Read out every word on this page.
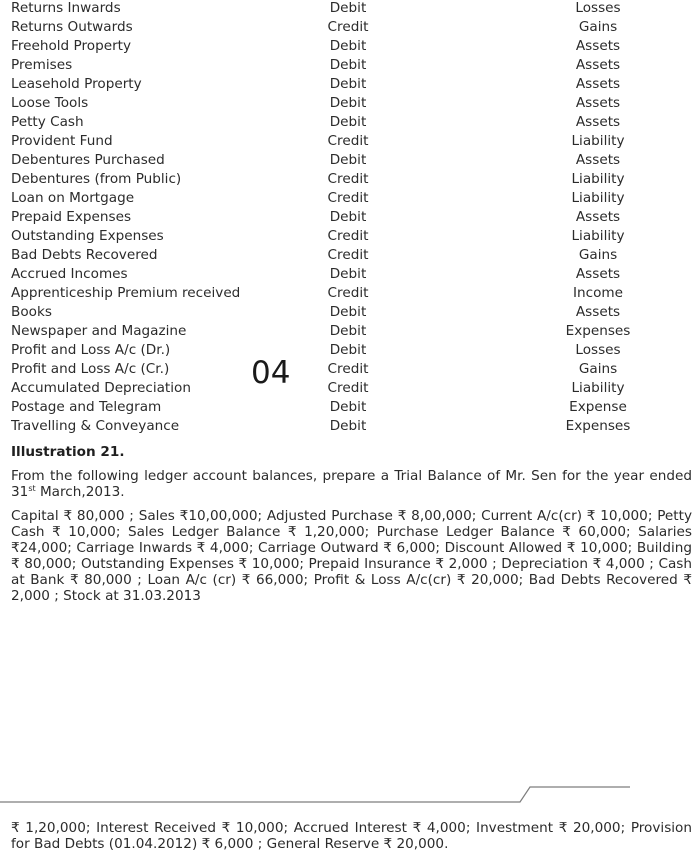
Returns Inwards	Debit	Losses
Returns Outwards	Credit	Gains
Freehold Property	Debit	Assets
Premises	Debit	Assets
Leasehold Property	Debit	Assets
Loose Tools	Debit	Assets
Petty Cash	Debit	Assets
Provident Fund	Credit	Liability
Debentures Purchased	Debit	Assets
Debentures (from Public)	Credit	Liability
Loan on Mortgage	Credit	Liability
Prepaid Expenses	Debit	Assets
Outstanding Expenses	Credit	Liability
Bad Debts Recovered	Credit	Gains
Accrued Incomes	Debit	Assets
Apprenticeship Premium received	Credit	Income
Books	Debit	Assets
Newspaper and Magazine	Debit	Expenses
Profit and Loss A/c (Dr.)	Debit	Losses
Profit and Loss A/c (Cr.)	Credit	Gains
Accumulated Depreciation	Credit	Liability
Postage and Telegram	Debit	Expense
Travelling & Conveyance	Debit	Expenses
04
Illustration 21.
From the following ledger account balances, prepare a Trial Balance of Mr. Sen for the year ended 31st March,2013.
Capital ₹ 80,000 ; Sales ₹10,00,000; Adjusted Purchase ₹ 8,00,000; Current A/c(cr) ₹ 10,000; Petty Cash ₹ 10,000; Sales Ledger Balance ₹ 1,20,000; Purchase Ledger Balance ₹ 60,000; Salaries ₹24,000; Carriage Inwards ₹ 4,000; Carriage Outward ₹ 6,000; Discount Allowed ₹ 10,000; Building ₹ 80,000; Outstanding Expenses ₹ 10,000; Prepaid Insurance ₹ 2,000 ; Depreciation ₹ 4,000 ; Cash at Bank ₹ 80,000 ; Loan A/c (cr) ₹ 66,000; Profit & Loss A/c(cr) ₹ 20,000; Bad Debts Recovered ₹ 2,000 ; Stock at 31.03.2013
₹ 1,20,000; Interest Received ₹ 10,000; Accrued Interest ₹ 4,000; Investment ₹ 20,000; Provision for Bad Debts (01.04.2012) ₹ 6,000 ; General Reserve ₹ 20,000.
